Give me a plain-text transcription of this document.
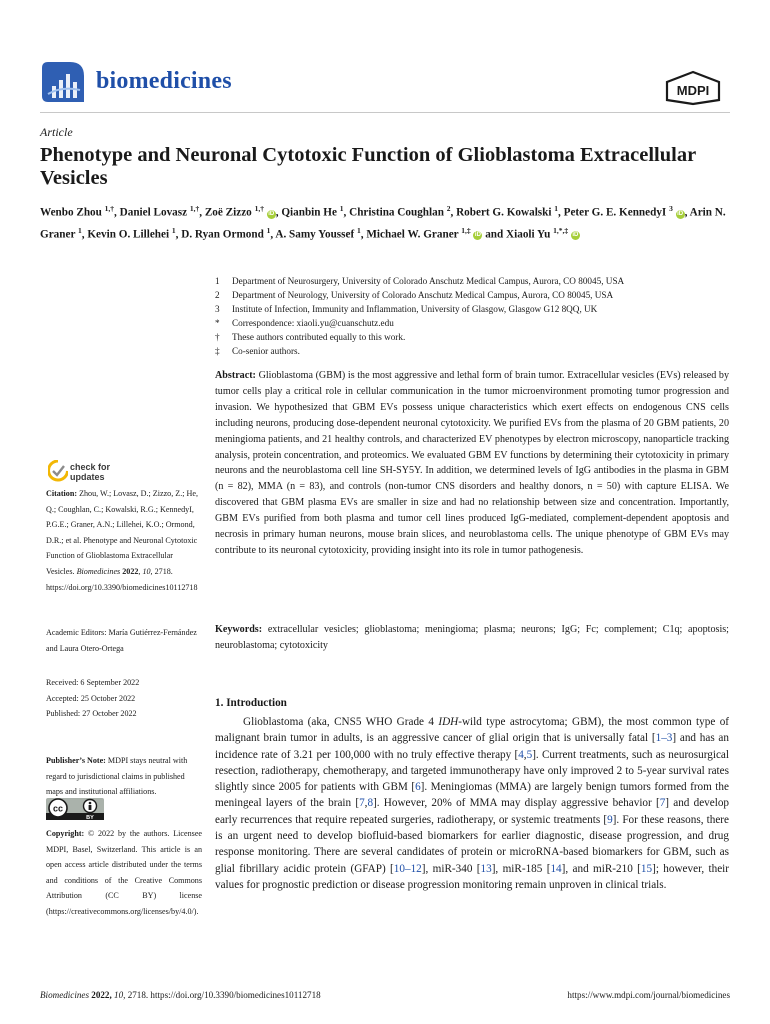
biomedicines	MDPI
Article
Phenotype and Neuronal Cytotoxic Function of Glioblastoma Extracellular Vesicles
Wenbo Zhou $^{1,\dagger}$, Daniel Lovasz $^{1,\dagger}$, Zoë Zizzo $^{1,\dagger}$ iD , Qianbin He $^1$, Christina Coughlan $^2$, Robert G. Kowalski $^1$, Peter G. E. KennedyI $^3$ iD , Arin N. Graner $^1$, Kevin O. Lillehei $^1$, D. Ryan Ormond $^1$, A. Samy Youssef $^1$, Michael W. Graner $^{1,\ddagger}$ iD and Xiaoli Yu $^{1,*,\ddagger}$ iD
1	Department of Neurosurgery, University of Colorado Anschutz Medical Campus, Aurora, CO 80045, USA
2	Department of Neurology, University of Colorado Anschutz Medical Campus, Aurora, CO 80045, USA
3	Institute of Infection, Immunity and Inflammation, University of Glasgow, Glasgow G12 8QQ, UK
*	Correspondence: xiaoli.yu@cuanschutz.edu
†	These authors contributed equally to this work.
‡	Co-senior authors.
Abstract: Glioblastoma (GBM) is the most aggressive and lethal form of brain tumor. Extracellular vesicles (EVs) released by tumor cells play a critical role in cellular communication in the tumor microenvironment promoting tumor progression and invasion. We hypothesized that GBM EVs possess unique characteristics which exert effects on endogenous CNS cells including neurons, producing dose-dependent neuronal cytotoxicity. We purified EVs from the plasma of 20 GBM patients, 20 meningioma patients, and 21 healthy controls, and characterized EV phenotypes by electron microscopy, nanoparticle tracking analysis, protein concentration, and proteomics. We evaluated GBM EV functions by determining their cytotoxicity in primary neurons and the neuroblastoma cell line SH-SY5Y. In addition, we determined levels of IgG antibodies in the plasma in GBM (n = 82), MMA (n = 83), and controls (non-tumor CNS disorders and healthy donors, n = 50) with capture ELISA. We discovered that GBM plasma EVs are smaller in size and had no relationship between size and concentration. Importantly, GBM EVs purified from both plasma and tumor cell lines produced IgG-mediated, complement-dependent apoptosis and necrosis in primary human neurons, mouse brain slices, and neuroblastoma cells. The unique phenotype of GBM EVs may contribute to its neuronal cytotoxicity, providing insight into its role in tumor pathogenesis.
Keywords: extracellular vesicles; glioblastoma; meningioma; plasma; neurons; IgG; Fc; complement; C1q; apoptosis; neuroblastoma; cytotoxicity
check for
updates
Citation: Zhou, W.; Lovasz, D.; Zizzo, Z.; He, Q.; Coughlan, C.; Kowalski, R.G.; KennedyI, P.G.E.; Graner, A.N.; Lillehei, K.O.; Ormond, D.R.; et al. Phenotype and Neuronal Cytotoxic Function of Glioblastoma Extracellular Vesicles. Biomedicines 2022, 10, 2718. https://doi.org/10.3390/biomedicines10112718
Academic Editors: María Gutiérrez-Fernández and Laura Otero-Ortega
Received: 6 September 2022
Accepted: 25 October 2022
Published: 27 October 2022
Publisher’s Note: MDPI stays neutral with regard to jurisdictional claims in published maps and institutional affiliations.
cc
BY
Copyright: © 2022 by the authors. Licensee MDPI, Basel, Switzerland. This article is an open access article distributed under the terms and conditions of the Creative Commons Attribution (CC BY) license (https://creativecommons.org/licenses/by/4.0/).
1. Introduction
Glioblastoma (aka, CNS5 WHO Grade 4 IDH-wild type astrocytoma; GBM), the most common type of malignant brain tumor in adults, is an aggressive cancer of glial origin that is universally fatal [1–3] and has an incidence rate of 3.21 per 100,000 with no truly effective therapy [4,5]. Current treatments, such as neurosurgical resection, radiotherapy, chemotherapy, and targeted immunotherapy have only improved 2 to 5-year survival rates slightly since 2005 for patients with GBM [6]. Meningiomas (MMA) are largely benign tumors formed from the meningeal layers of the brain [7,8]. However, 20% of MMA may display aggressive behavior [7] and develop early recurrences that require repeated surgeries, radiotherapy, or systemic treatments [9]. For these reasons, there is an urgent need to develop biofluid-based biomarkers for earlier diagnostic, disease progression, and drug response monitoring. There are several candidates of protein or microRNA-based biomarkers for GBM, such as glial fibrillary acidic protein (GFAP) [10–12], miR-340 [13], miR-185 [14], and miR-210 [15]; however, their values for prognostic prediction or disease progression monitoring remain unproven in clinical trials.
Biomedicines 2022, 10, 2718. https://doi.org/10.3390/biomedicines10112718	https://www.mdpi.com/journal/biomedicines
